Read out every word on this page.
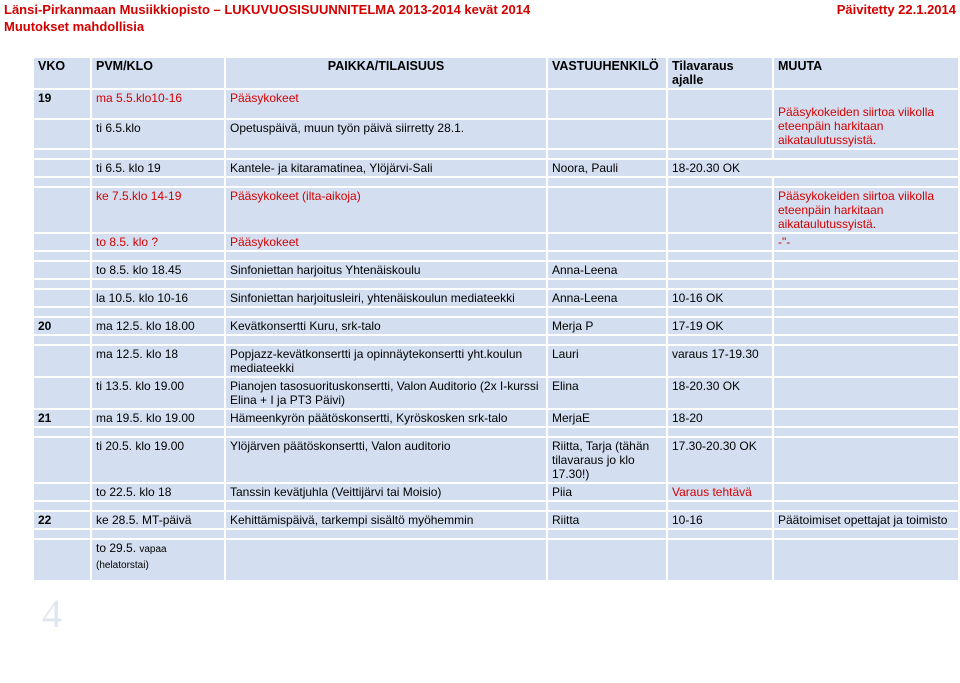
Länsi-Pirkanmaan Musiikkiopisto – LUKUVUOSISUUNNITELMA 2013-2014 kevät 2014
Muutokset mahdollisia
Päivitetty 22.1.2014
VKO	PVM/KLO	PAIKKA/TILAISUUS	VASTUUHENKILÖ	Tilavaraus ajalle	MUUTA
19	ma 5.5.klo10-16	Pääsykokeet			Pääsykokeiden siirtoa viikolla eteenpäin harkitaan aikataulutussyistä.
	ti 6.5.klo	Opetuspäivä, muun työn päivä siirretty 28.1.			

	ti 6.5. klo 19	Kantele- ja kitaramatinea, Ylöjärvi-Sali	Noora, Pauli	18-20.30 OK	

	ke 7.5.klo 14-19	Pääsykokeet (ilta-aikoja)			Pääsykokeiden siirtoa viikolla eteenpäin harkitaan aikataulutussyistä.
	to 8.5. klo ?	Pääsykokeet			-"-

	to 8.5. klo 18.45	Sinfoniettan harjoitus Yhtenäiskoulu	Anna-Leena		

	la 10.5. klo 10-16	Sinfoniettan harjoitusleiri, yhtenäiskoulun mediateekki	Anna-Leena	10-16 OK	

20	ma 12.5. klo 18.00	Kevätkonsertti Kuru, srk-talo	Merja P	17-19 OK	

	ma 12.5. klo 18	Popjazz-kevätkonsertti ja opinnäytekonsertti yht.koulun mediateekki	Lauri	varaus 17-19.30	
	ti 13.5. klo 19.00	Pianojen tasosuorituskonsertti, Valon Auditorio (2x I-kurssi Elina + I ja PT3 Päivi)	Elina	18-20.30 OK	
21	ma 19.5. klo 19.00	Hämeenkyrön päätöskonsertti, Kyröskosken srk-talo	MerjaE	18-20	

	ti 20.5. klo 19.00	Ylöjärven päätöskonsertti, Valon auditorio	Riitta, Tarja (tähän tilavaraus jo klo 17.30!)	17.30-20.30 OK	
	to 22.5. klo 18	Tanssin kevätjuhla (Veittijärvi tai Moisio)	Piia	Varaus tehtävä	

22	ke 28.5. MT-päivä	Kehittämispäivä, tarkempi sisältö myöhemmin	Riitta	10-16	Päätoimiset opettajat ja toimisto

	to 29.5. vapaa (helatorstai)				
4
